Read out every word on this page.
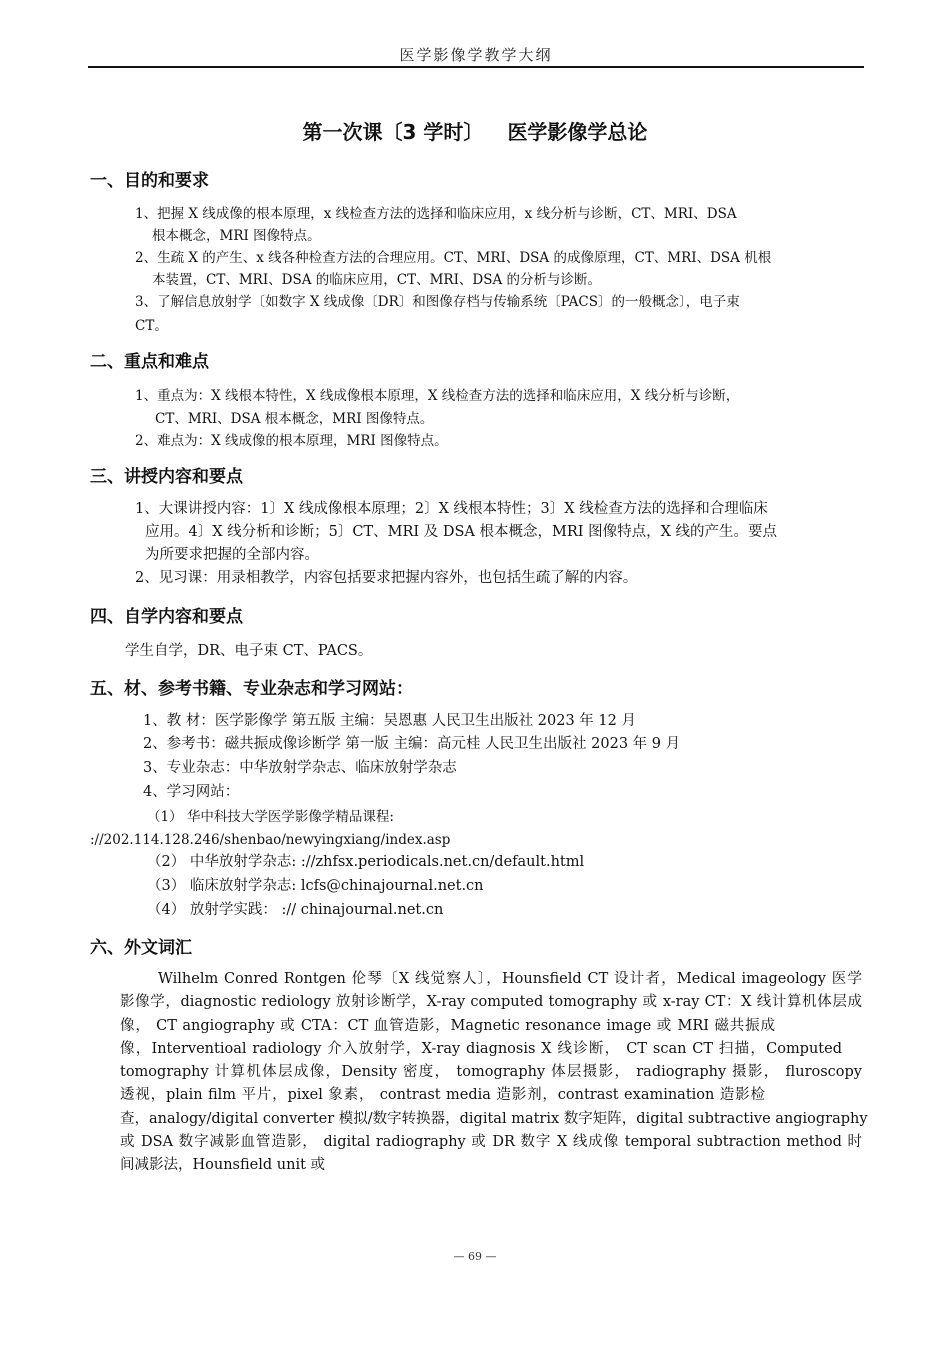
医学影像学教学大纲
第一次课〔3 学时〕 医学影像学总论
一、目的和要求
1、把握 X 线成像的根本原理，x 线检查方法的选择和临床应用，x 线分析与诊断，CT、MRI、DSA
根本概念，MRI 图像特点。
2、生疏 X 的产生、x 线各种检查方法的合理应用。CT、MRI、DSA 的成像原理，CT、MRI、DSA 机根
本装置，CT、MRI、DSA 的临床应用，CT、MRI、DSA 的分析与诊断。
3、了解信息放射学〔如数字 X 线成像〔DR〕和图像存档与传输系统〔PACS〕的一般概念〕，电子束
CT。
二、重点和难点
1、重点为：X 线根本特性，X 线成像根本原理，X 线检查方法的选择和临床应用，X 线分析与诊断，
CT、MRI、DSA 根本概念，MRI 图像特点。
2、难点为：X 线成像的根本原理，MRI 图像特点。
三、讲授内容和要点
1、大课讲授内容：1〕X 线成像根本原理；2〕X 线根本特性；3〕X 线检查方法的选择和合理临床
应用。4〕X 线分析和诊断；5〕CT、MRI 及 DSA 根本概念，MRI 图像特点，X 线的产生。要点
为所要求把握的全部内容。
2、见习课：用录相教学，内容包括要求把握内容外，也包括生疏了解的内容。
四、自学内容和要点
学生自学，DR、电子束 CT、PACS。
五、材、参考书籍、专业杂志和学习网站：
1、教 材：医学影像学 第五版 主编：吴恩惠 人民卫生出版社 2023 年 12 月
2、参考书：磁共振成像诊断学 第一版 主编：高元桂 人民卫生出版社 2023 年 9 月
3、专业杂志：中华放射学杂志、临床放射学杂志
4、学习网站：
（1） 华中科技大学医学影像学精品课程:
://202.114.128.246/shenbao/newyingxiang/index.asp
（2） 中华放射学杂志: ://zhfsx.periodicals.net.cn/default.html
（3） 临床放射学杂志: lcfs@chinajournal.net.cn
（4） 放射学实践： :// chinajournal.net.cn
六、外文词汇
Wilhelm Conred Rontgen 伦琴〔X 线觉察人〕，Hounsfield CT 设计者，Medical imageology 医学
影像学，diagnostic rediology 放射诊断学，X-ray computed tomography 或 x-ray CT：X 线计算机体层成
像， CT angiography 或 CTA：CT 血管造影，Magnetic resonance image 或 MRI 磁共振成
像，Interventioal radiology 介入放射学，X-ray diagnosis X 线诊断， CT scan CT 扫描，Computed
tomography 计算机体层成像，Density 密度， tomography 体层摄影， radiography 摄影， fluroscopy
透视，plain film 平片，pixel 象素， contrast media 造影剂，contrast examination 造影检
查，analogy/digital converter 模拟/数字转换器，digital matrix 数字矩阵，digital subtractive angiography
或 DSA 数字减影血管造影， digital radiography 或 DR 数字 X 线成像 temporal subtraction method 时
间减影法，Hounsfield unit 或
— 69 —
